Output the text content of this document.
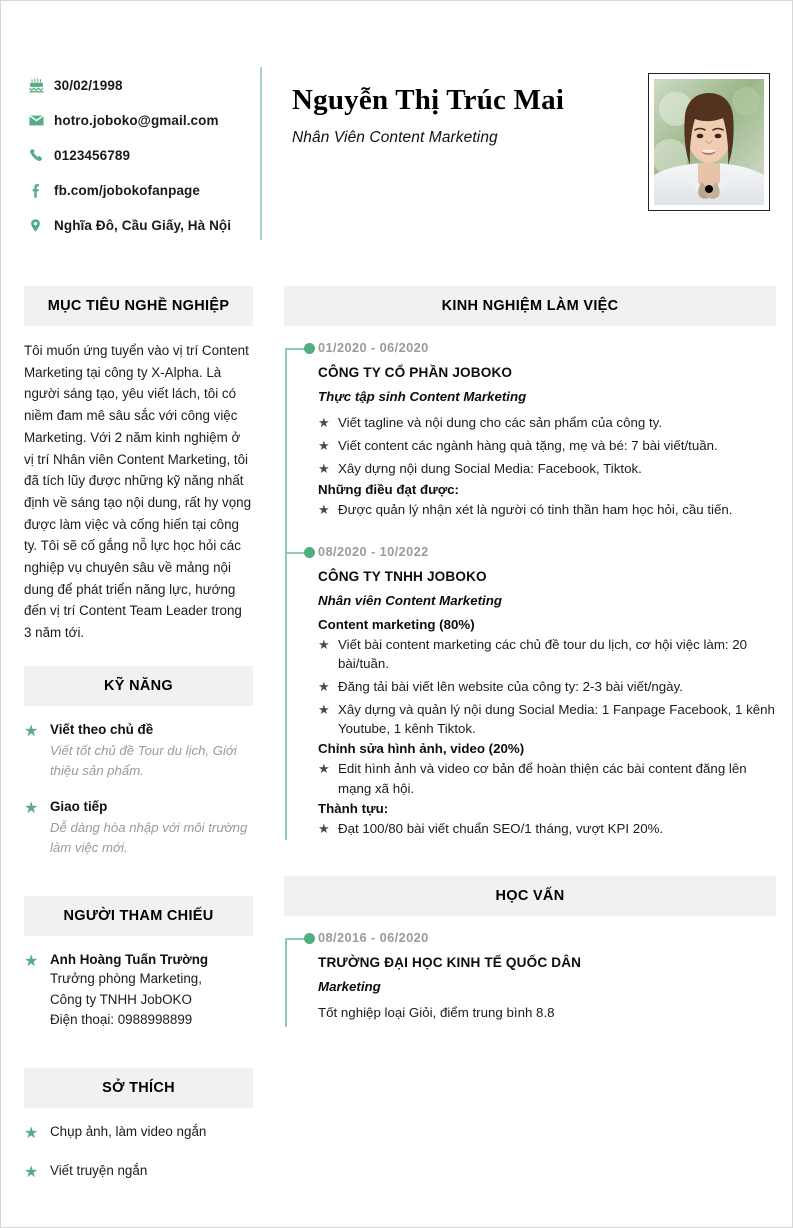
30/02/1998
hotro.joboko@gmail.com
0123456789
fb.com/jobokofanpage
Nghĩa Đô, Cầu Giấy, Hà Nội
Nguyễn Thị Trúc Mai
Nhân Viên Content Marketing
MỤC TIÊU NGHỀ NGHIỆP
Tôi muốn ứng tuyển vào vị trí Content Marketing tại công ty X-Alpha. Là người sáng tạo, yêu viết lách, tôi có niềm đam mê sâu sắc với công việc Marketing. Với 2 năm kinh nghiệm ở vị trí Nhân viên Content Marketing, tôi đã tích lũy được những kỹ năng nhất định về sáng tạo nội dung, rất hy vọng được làm việc và cống hiến tại công ty. Tôi sẽ cố gắng nỗ lực học hỏi các nghiệp vụ chuyên sâu về mảng nội dung để phát triển năng lực, hướng đến vị trí Content Team Leader trong 3 năm tới.
KỸ NĂNG
★ Viết theo chủ đề
Viết tốt chủ đề Tour du lịch, Giới thiệu sản phẩm.
★ Giao tiếp
Dễ dàng hòa nhập với môi trường làm việc mới.
NGƯỜI THAM CHIẾU
★ Anh Hoàng Tuấn Trường
Trưởng phòng Marketing,
Công ty TNHH JobOKO
Điện thoại: 0988998899
SỞ THÍCH
★ Chụp ảnh, làm video ngắn
★ Viết truyện ngắn
KINH NGHIỆM LÀM VIỆC
01/2020 - 06/2020
CÔNG TY CỔ PHẦN JOBOKO
Thực tập sinh Content Marketing
★ Viết tagline và nội dung cho các sản phẩm của công ty.
★ Viết content các ngành hàng quà tặng, mẹ và bé: 7 bài viết/tuần.
★ Xây dựng nội dung Social Media: Facebook, Tiktok.
Những điều đạt được:
★ Được quản lý nhận xét là người có tinh thần ham học hỏi, cầu tiến.
08/2020 - 10/2022
CÔNG TY TNHH JOBOKO
Nhân viên Content Marketing
Content marketing (80%)
★ Viết bài content marketing các chủ đề tour du lịch, cơ hội việc làm: 20 bài/tuần.
★ Đăng tải bài viết lên website của công ty: 2-3 bài viết/ngày.
★ Xây dựng và quản lý nội dung Social Media: 1 Fanpage Facebook, 1 kênh Youtube, 1 kênh Tiktok.
Chỉnh sửa hình ảnh, video (20%)
★ Edit hình ảnh và video cơ bản để hoàn thiện các bài content đăng lên mạng xã hội.
Thành tựu:
★ Đạt 100/80 bài viết chuẩn SEO/1 tháng, vượt KPI 20%.
HỌC VẤN
08/2016 - 06/2020
TRƯỜNG ĐẠI HỌC KINH TẾ QUỐC DÂN
Marketing
Tốt nghiệp loại Giỏi, điểm trung bình 8.8
